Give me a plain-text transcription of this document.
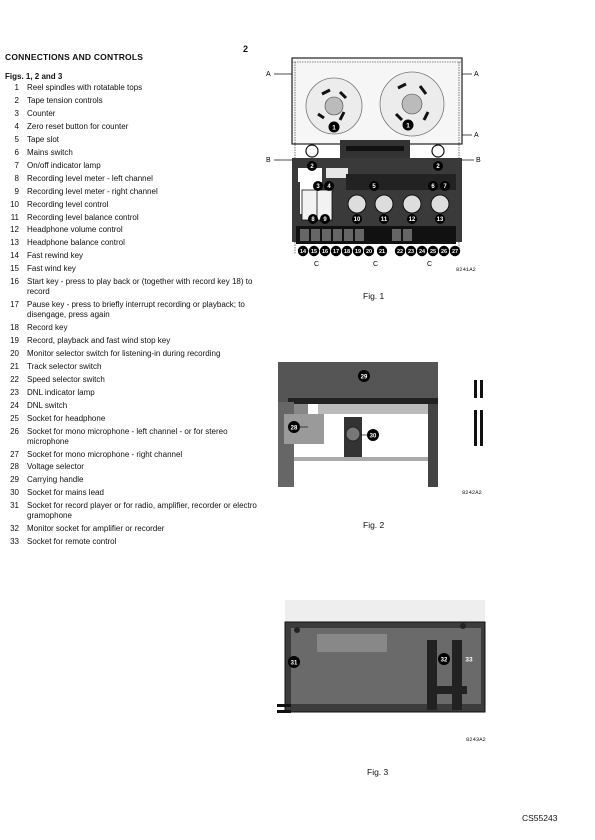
2
CONNECTIONS AND CONTROLS
Figs. 1, 2 and 3
1 Reel spindles with rotatable tops
2 Tape tension controls
3 Counter
4 Zero reset button for counter
5 Tape slot
6 Mains switch
7 On/off indicator lamp
8 Recording level meter - left channel
9 Recording level meter - right channel
10 Recording level control
11 Recording level balance control
12 Headphone volume control
13 Headphone balance control
14 Fast rewind key
15 Fast wind key
16 Start key - press to play back or (together with record key 18) to record
17 Pause key - press to briefly interrupt recording or playback; to disengage, press again
18 Record key
19 Record, playback and fast wind stop key
20 Monitor selector switch for listening-in during recording
21 Track selector switch
22 Speed selector switch
23 DNL indicator lamp
24 DNL switch
25 Socket for headphone
26 Socket for mono microphone - left channel - or for stereo microphone
27 Socket for mono microphone - right channel
28 Voltage selector
29 Carrying handle
30 Socket for mains lead
31 Socket for record player or for radio, amplifier, recorder or electro gramophone
32 Monitor socket for amplifier or recorder
33 Socket for remote control
A	A
A
B	B
1	1
2	2
3 4	5	6 7
8 9	10	11	12	13
14 15 16 17 18 19 20 21 22 23 24 25 26 27
C	C	C
8241A2
Fig. 1
29
28
30
8242A2
Fig. 2
31	32	33
8243A2
Fig. 3
CS55243
